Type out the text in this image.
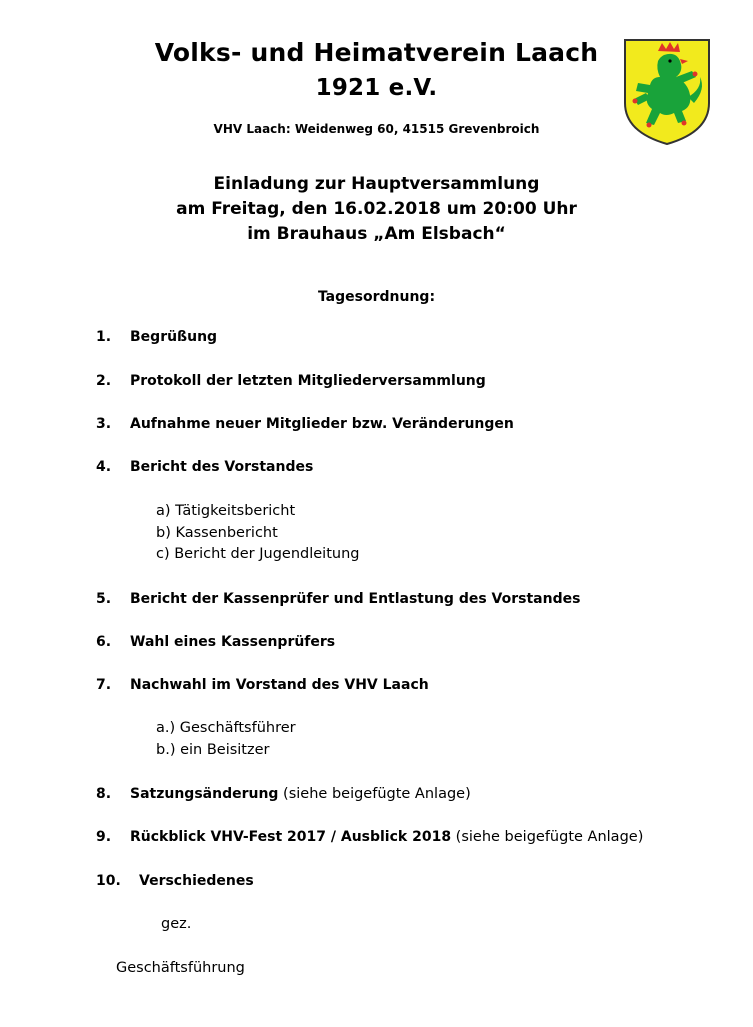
Volks- und Heimatverein Laach
1921 e.V.
VHV Laach: Weidenweg 60, 41515 Grevenbroich
Einladung zur Hauptversammlung
am Freitag, den 16.02.2018 um 20:00 Uhr
im Brauhaus „Am Elsbach“
Tagesordnung:
1. Begrüßung
2. Protokoll der letzten Mitgliederversammlung
3. Aufnahme neuer Mitglieder bzw. Veränderungen
4. Bericht des Vorstandes
a) Tätigkeitsbericht
b) Kassenbericht
c) Bericht der Jugendleitung
5. Bericht der Kassenprüfer und Entlastung des Vorstandes
6. Wahl eines Kassenprüfers
7. Nachwahl im Vorstand des VHV Laach
a.) Geschäftsführer
b.) ein Beisitzer
8. Satzungsänderung (siehe beigefügte Anlage)
9. Rückblick VHV-Fest 2017 / Ausblick 2018 (siehe beigefügte Anlage)
10. Verschiedenes
gez.
Geschäftsführung
